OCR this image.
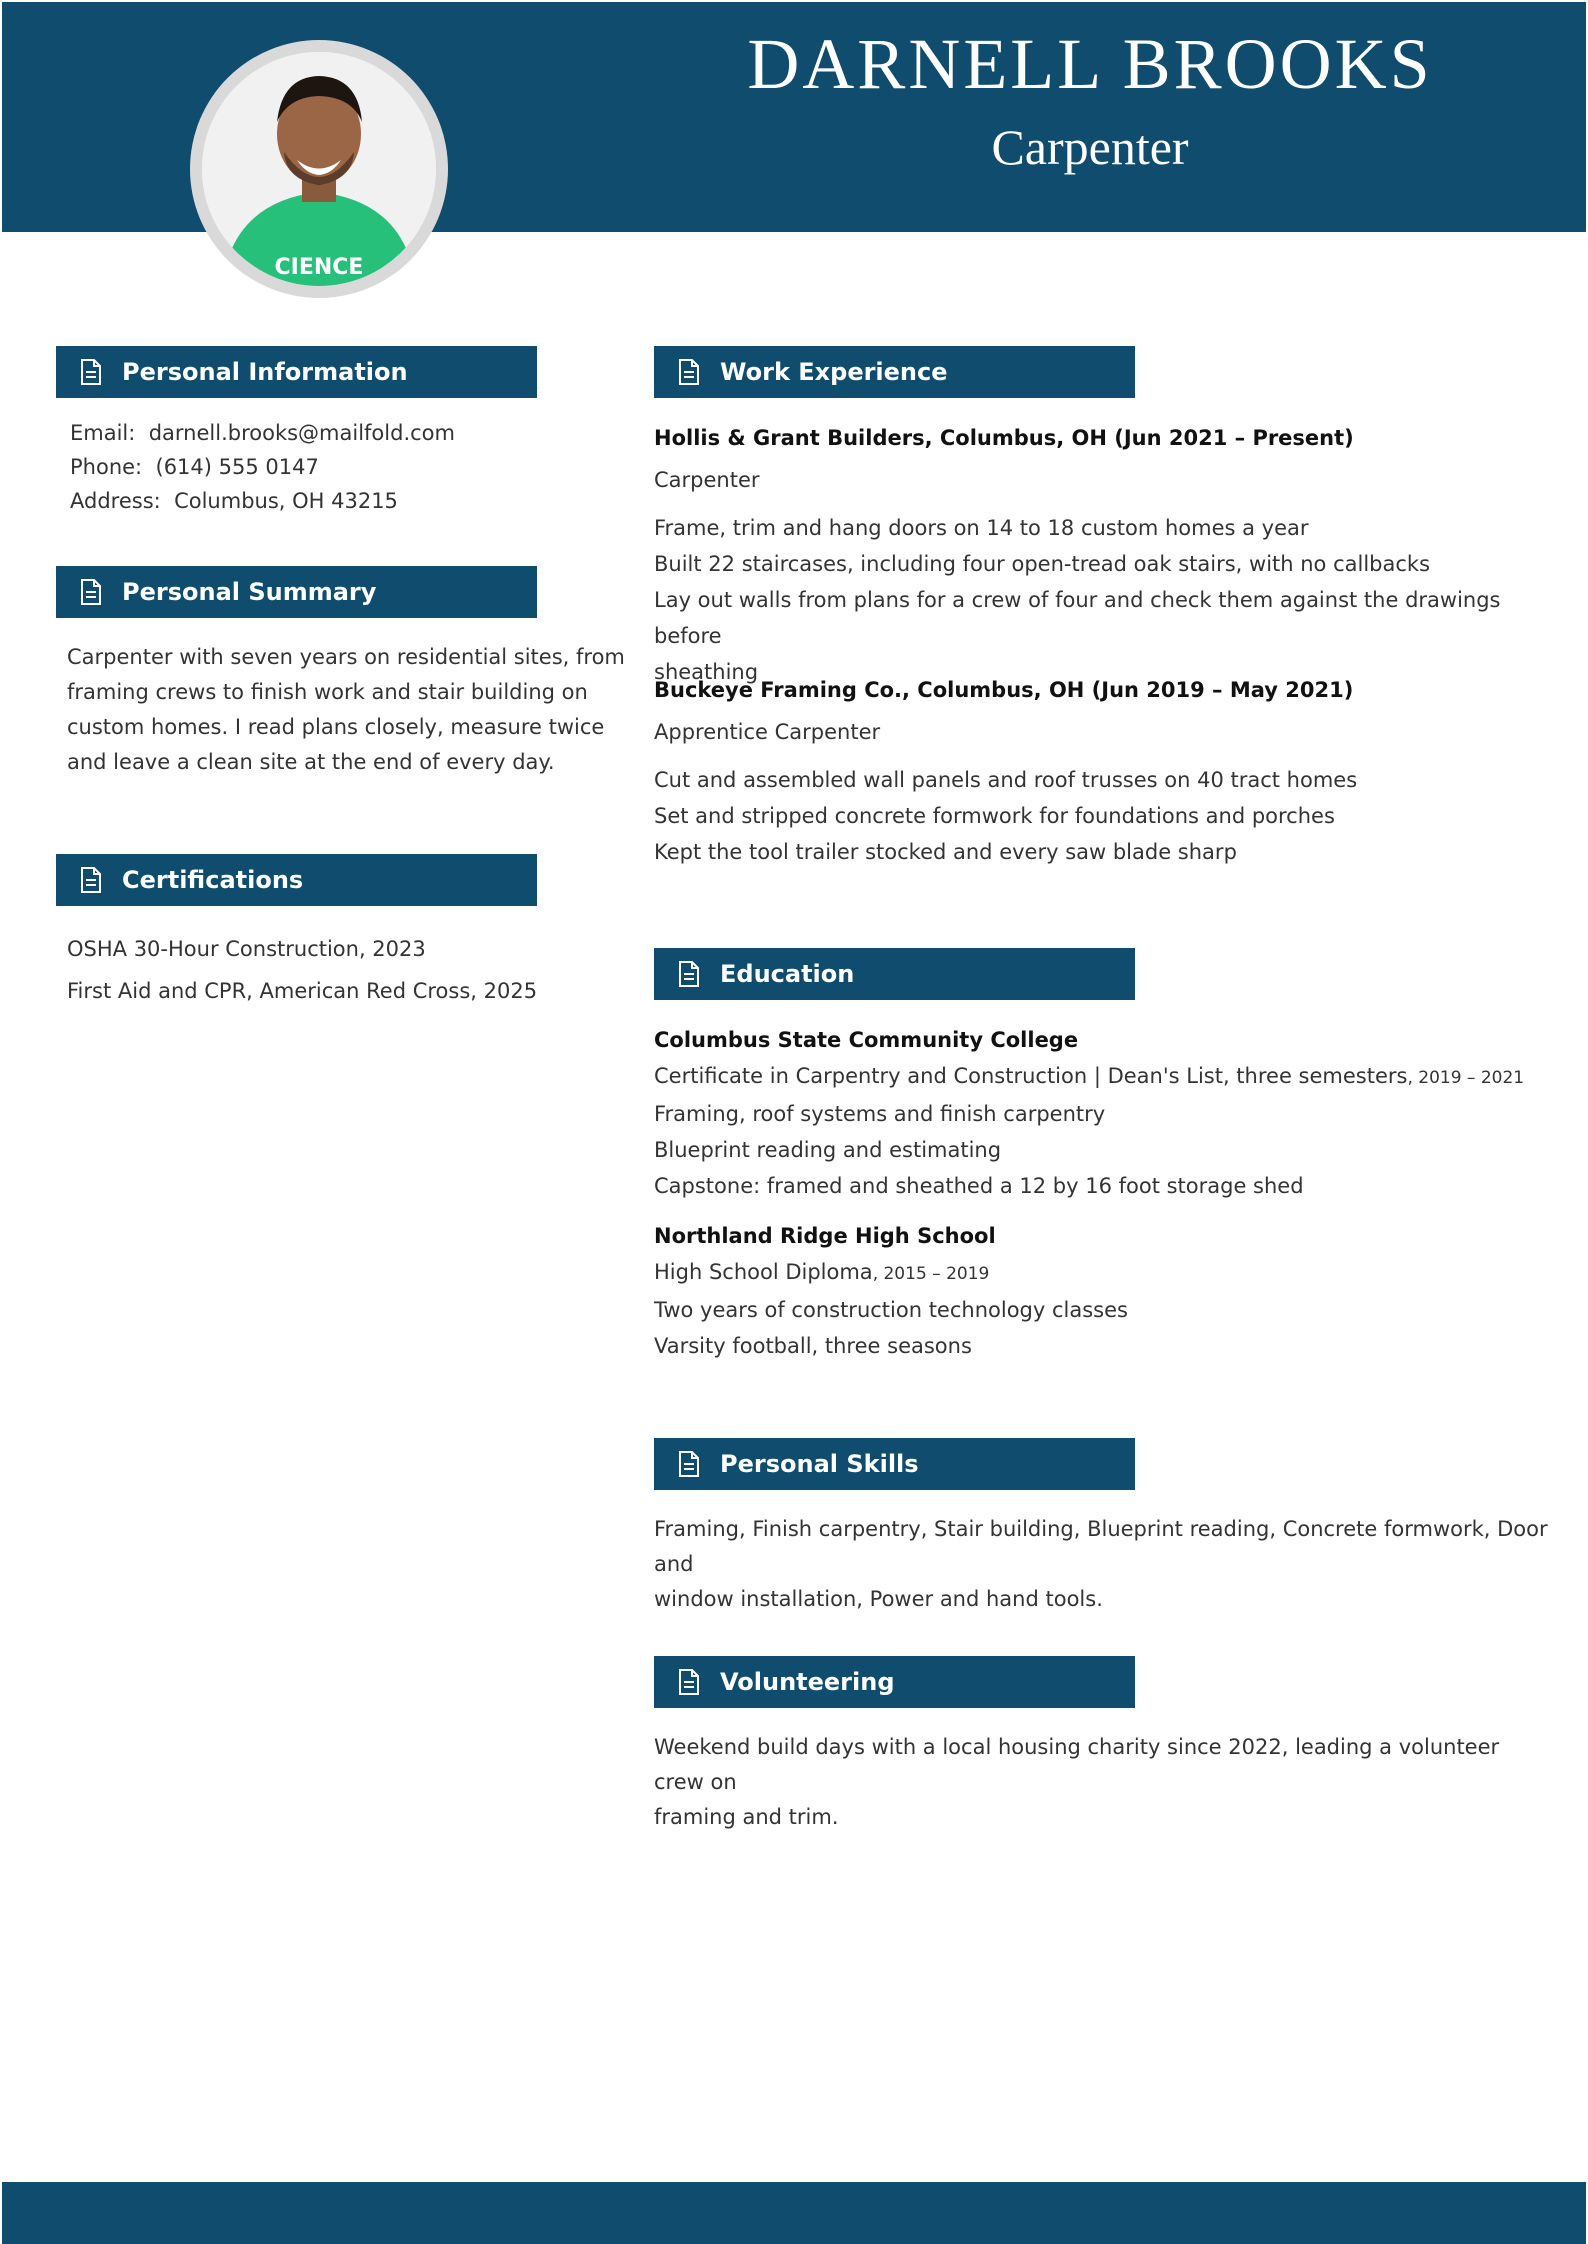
DARNELL BROOKS
Carpenter
CIENCE
Personal Information
Email: darnell.brooks@mailfold.com
Phone: (614) 555 0147
Address: Columbus, OH 43215
Personal Summary
Carpenter with seven years on residential sites, from
framing crews to finish work and stair building on
custom homes. I read plans closely, measure twice
and leave a clean site at the end of every day.
Certifications
OSHA 30-Hour Construction, 2023
First Aid and CPR, American Red Cross, 2025
Work Experience
Hollis & Grant Builders, Columbus, OH (Jun 2021 – Present)
Carpenter
Frame, trim and hang doors on 14 to 18 custom homes a year
Built 22 staircases, including four open-tread oak stairs, with no callbacks
Lay out walls from plans for a crew of four and check them against the drawings before
sheathing
Buckeye Framing Co., Columbus, OH (Jun 2019 – May 2021)
Apprentice Carpenter
Cut and assembled wall panels and roof trusses on 40 tract homes
Set and stripped concrete formwork for foundations and porches
Kept the tool trailer stocked and every saw blade sharp
Education
Columbus State Community College
Certificate in Carpentry and Construction | Dean's List, three semesters, 2019 – 2021
Framing, roof systems and finish carpentry
Blueprint reading and estimating
Capstone: framed and sheathed a 12 by 16 foot storage shed
Northland Ridge High School
High School Diploma, 2015 – 2019
Two years of construction technology classes
Varsity football, three seasons
Personal Skills
Framing, Finish carpentry, Stair building, Blueprint reading, Concrete formwork, Door and
window installation, Power and hand tools.
Volunteering
Weekend build days with a local housing charity since 2022, leading a volunteer crew on
framing and trim.
